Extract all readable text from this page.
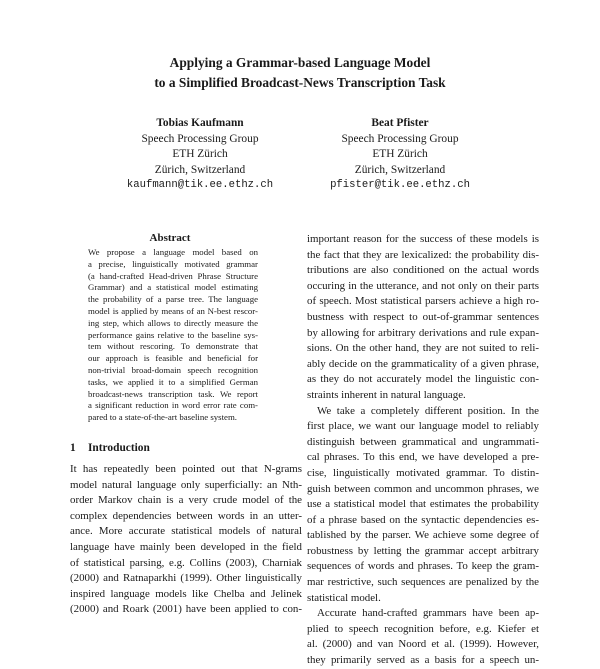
Applying a Grammar-based Language Model
to a Simplified Broadcast-News Transcription Task
Tobias Kaufmann
Speech Processing Group
ETH Zürich
Zürich, Switzerland
kaufmann@tik.ee.ethz.ch
Beat Pfister
Speech Processing Group
ETH Zürich
Zürich, Switzerland
pfister@tik.ee.ethz.ch
Abstract
We propose a language model based on
a precise, linguistically motivated grammar
(a hand-crafted Head-driven Phrase Structure
Grammar) and a statistical model estimating
the probability of a parse tree. The language
model is applied by means of an N-best rescor-
ing step, which allows to directly measure the
performance gains relative to the baseline sys-
tem without rescoring. To demonstrate that
our approach is feasible and beneficial for
non-trivial broad-domain speech recognition
tasks, we applied it to a simplified German
broadcast-news transcription task. We report
a significant reduction in word error rate com-
pared to a state-of-the-art baseline system.
1 Introduction
It has repeatedly been pointed out that N-grams
model natural language only superficially: an Nth-
order Markov chain is a very crude model of the
complex dependencies between words in an utter-
ance. More accurate statistical models of natural
language have mainly been developed in the field
of statistical parsing, e.g. Collins (2003), Charniak
(2000) and Ratnaparkhi (1999). Other linguistically
inspired language models like Chelba and Jelinek
(2000) and Roark (2001) have been applied to con-
important reason for the success of these models is
the fact that they are lexicalized: the probability dis-
tributions are also conditioned on the actual words
occuring in the utterance, and not only on their parts
of speech. Most statistical parsers achieve a high ro-
bustness with respect to out-of-grammar sentences
by allowing for arbitrary derivations and rule expan-
sions. On the other hand, they are not suited to reli-
ably decide on the grammaticality of a given phrase,
as they do not accurately model the linguistic con-
straints inherent in natural language.
We take a completely different position. In the
first place, we want our language model to reliably
distinguish between grammatical and ungrammati-
cal phrases. To this end, we have developed a pre-
cise, linguistically motivated grammar. To distin-
guish between common and uncommon phrases, we
use a statistical model that estimates the probability
of a phrase based on the syntactic dependencies es-
tablished by the parser. We achieve some degree of
robustness by letting the grammar accept arbitrary
sequences of words and phrases. To keep the gram-
mar restrictive, such sequences are penalized by the
statistical model.
Accurate hand-crafted grammars have been ap-
plied to speech recognition before, e.g. Kiefer et
al. (2000) and van Noord et al. (1999). However,
they primarily served as a basis for a speech un-
